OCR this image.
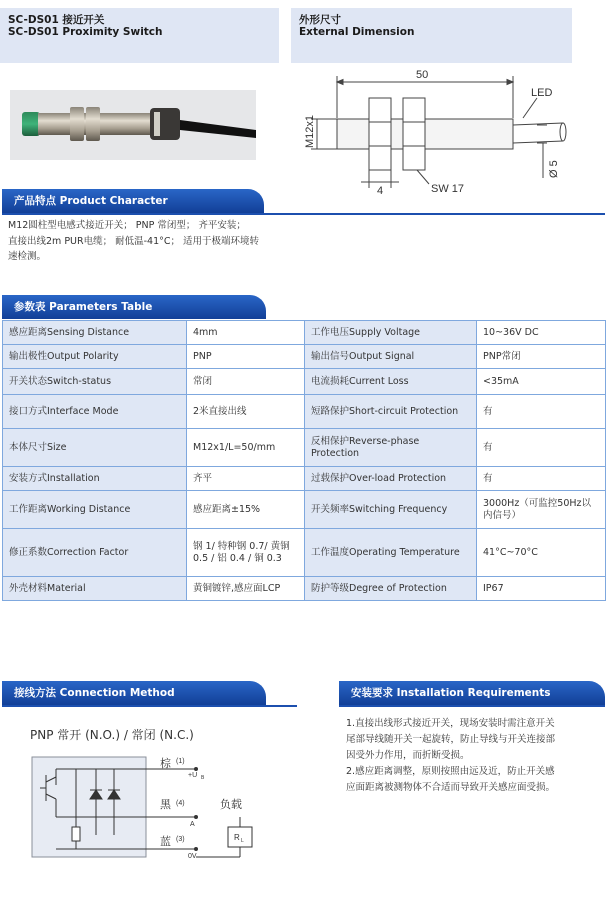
SC-DS01 接近开关
SC-DS01 Proximity Switch
外形尺寸
External Dimension
50
LED
M12x1
4	SW 17
Ø 5
产品特点 Product Character
M12圆柱型电感式接近开关； PNP 常闭型； 齐平安装；
直接出线2m PUR电缆； 耐低温-41°C； 适用于极端环境转
速检测。
参数表 Parameters Table
感应距离Sensing Distance	4mm	工作电压Supply Voltage	10~36V DC
输出极性Output Polarity	PNP	输出信号Output Signal	PNP常闭
开关状态Switch-status	常闭	电流损耗Current Loss	<35mA
接口方式Interface Mode	2米直接出线	短路保护Short-circuit Protection	有
本体尺寸Size	M12x1/L=50/mm	反相保护Reverse-phase Protection	有
安装方式Installation	齐平	过载保护Over-load Protection	有
工作距离Working Distance	感应距离±15%	开关频率Switching Frequency	3000Hz（可监控50Hz以内信号）
修正系数Correction Factor	钢 1/ 特种钢 0.7/ 黄铜 0.5 / 铝 0.4 / 铜 0.3	工作温度Operating Temperature	41°C~70°C
外壳材料Material	黄铜镀锌,感应面LCP	防护等级Degree of Protection	IP67
接线方法 Connection Method
PNP 常开 (N.O.) / 常闭 (N.C.)
棕 (1)
+U B
黑 (4)
A
负载
R L
蓝 (3)
0V
安装要求 Installation Requirements
1.直接出线形式接近开关，现场安装时需注意开关
尾部导线随开关一起旋转，防止导线与开关连接部
因受外力作用，而折断受损。
2.感应距离调整，原则按照由远及近，防止开关感
应面距离被测物体不合适而导致开关感应面受损。
